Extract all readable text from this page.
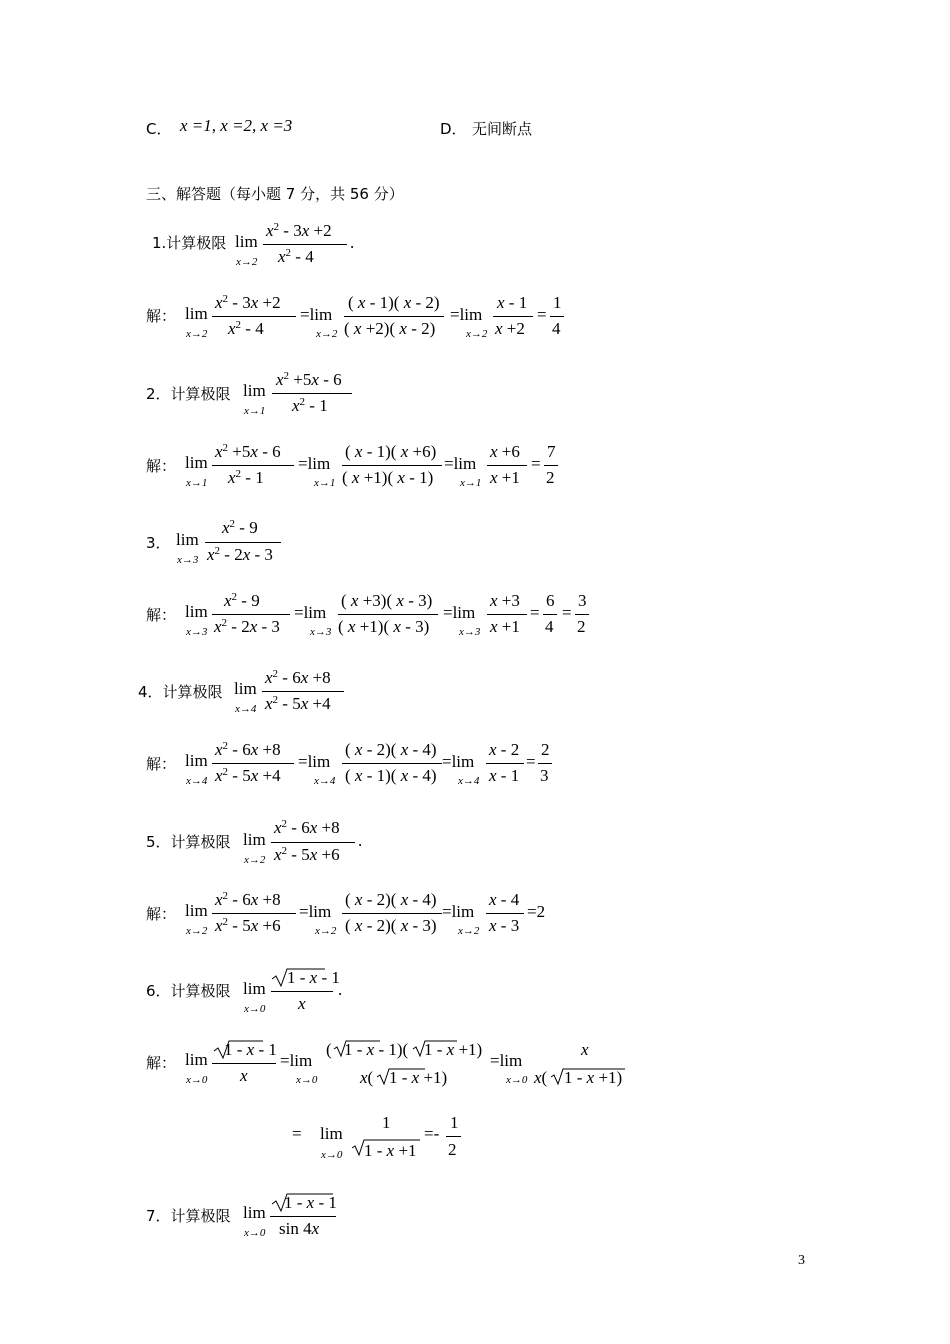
C． x =1, x =2, x =3	D． 无间断点
三、解答题（每小题 7 分，共 56 分）
1.计算极限
2．计算极限
3．
4．计算极限
5．计算极限
6．计算极限
7．计算极限
解：
解：
解：
解：
解：
解：
lim
x→2
$x^2 - 3x +2$
$x^2 - 4$
.
lim
x→2
$x^2 - 3x +2$
$x^2 - 4$
=lim
x→2
( x - 1)( x - 2)
( x +2)( x - 2)
=lim
x→2
x - 1
x +2
=
1
4
lim
x→1
$x^2 +5x - 6$
$x^2 - 1$
lim
x→1
$x^2 +5x - 6$
$x^2 - 1$
=lim
x→1
( x - 1)( x +6)
( x +1)( x - 1)
=lim
x→1
x +6
x +1
=
7
2
lim
x→3
$x^2 - 9$
$x^2 - 2x - 3$
lim
x→3
$x^2 - 9$
$x^2 - 2x - 3$
=lim
x→3
( x +3)( x - 3)
( x +1)( x - 3)
=lim
x→3
x +3
x +1
=
6
4
=
3
2
lim
x→4
$x^2 - 6x +8$
$x^2 - 5x +4$
lim
x→4
$x^2 - 6x +8$
$x^2 - 5x +4$
=lim
x→4
( x - 2)( x - 4)
( x - 1)( x - 4)
=lim
x→4
x - 2
x - 1
=
2
3
lim
x→2
$x^2 - 6x +8$
$x^2 - 5x +6$
.
lim
x→2
$x^2 - 6x +8$
$x^2 - 5x +6$
=lim
x→2
( x - 2)( x - 4)
( x - 2)( x - 3)
=lim
x→2
x - 4
x - 3
=2
lim
x→0
1 - x - 1
x
.
lim
x→0
1 - x - 1
x
=lim
x→0
( 1 - x - 1)( 1 - x +1)
x( 1 - x +1)
=lim
x→0
x
x( 1 - x +1)
= lim
x→0
1
1 - x +1
=-
1
2
lim
x→0
1 - x - 1
sin 4x
3
